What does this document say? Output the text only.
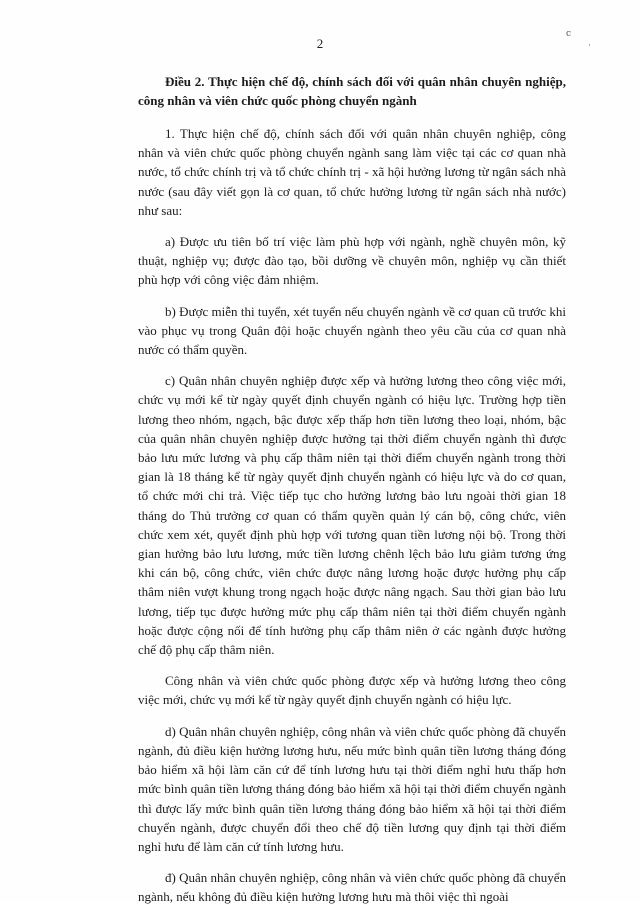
2
ⅽ
·

Điều 2. Thực hiện chế độ, chính sách đối với quân nhân chuyên nghiệp, công nhân và viên chức quốc phòng chuyển ngành

1. Thực hiện chế độ, chính sách đối với quân nhân chuyên nghiệp, công nhân và viên chức quốc phòng chuyển ngành sang làm việc tại các cơ quan nhà nước, tổ chức chính trị và tổ chức chính trị - xã hội hưởng lương từ ngân sách nhà nước (sau đây viết gọn là cơ quan, tổ chức hưởng lương từ ngân sách nhà nước) như sau:

a) Được ưu tiên bố trí việc làm phù hợp với ngành, nghề chuyên môn, kỹ thuật, nghiệp vụ; được đào tạo, bồi dưỡng về chuyên môn, nghiệp vụ cần thiết phù hợp với công việc đảm nhiệm.

b) Được miễn thi tuyển, xét tuyển nếu chuyển ngành về cơ quan cũ trước khi vào phục vụ trong Quân đội hoặc chuyển ngành theo yêu cầu của cơ quan nhà nước có thẩm quyền.

c) Quân nhân chuyên nghiệp được xếp và hưởng lương theo công việc mới, chức vụ mới kể từ ngày quyết định chuyển ngành có hiệu lực. Trường hợp tiền lương theo nhóm, ngạch, bậc được xếp thấp hơn tiền lương theo loại, nhóm, bậc của quân nhân chuyên nghiệp được hưởng tại thời điểm chuyển ngành thì được bảo lưu mức lương và phụ cấp thâm niên tại thời điểm chuyển ngành trong thời gian là 18 tháng kể từ ngày quyết định chuyển ngành có hiệu lực và do cơ quan, tổ chức mới chi trả. Việc tiếp tục cho hưởng lương bảo lưu ngoài thời gian 18 tháng do Thủ trưởng cơ quan có thẩm quyền quản lý cán bộ, công chức, viên chức xem xét, quyết định phù hợp với tương quan tiền lương nội bộ. Trong thời gian hưởng bảo lưu lương, mức tiền lương chênh lệch bảo lưu giảm tương ứng khi cán bộ, công chức, viên chức được nâng lương hoặc được hưởng phụ cấp thâm niên vượt khung trong ngạch hoặc được nâng ngạch. Sau thời gian bảo lưu lương, tiếp tục được hưởng mức phụ cấp thâm niên tại thời điểm chuyển ngành hoặc được cộng nối để tính hưởng phụ cấp thâm niên ở các ngành được hưởng chế độ phụ cấp thâm niên.

Công nhân và viên chức quốc phòng được xếp và hưởng lương theo công việc mới, chức vụ mới kể từ ngày quyết định chuyển ngành có hiệu lực.

d) Quân nhân chuyên nghiệp, công nhân và viên chức quốc phòng đã chuyển ngành, đủ điều kiện hưởng lương hưu, nếu mức bình quân tiền lương tháng đóng bảo hiểm xã hội làm căn cứ để tính lương hưu tại thời điểm nghỉ hưu thấp hơn mức bình quân tiền lương tháng đóng bảo hiểm xã hội tại thời điểm chuyển ngành thì được lấy mức bình quân tiền lương tháng đóng bảo hiểm xã hội tại thời điểm chuyển ngành, được chuyển đổi theo chế độ tiền lương quy định tại thời điểm nghỉ hưu để làm căn cứ tính lương hưu.

đ) Quân nhân chuyên nghiệp, công nhân và viên chức quốc phòng đã chuyển ngành, nếu không đủ điều kiện hưởng lương hưu mà thôi việc thì ngoài
